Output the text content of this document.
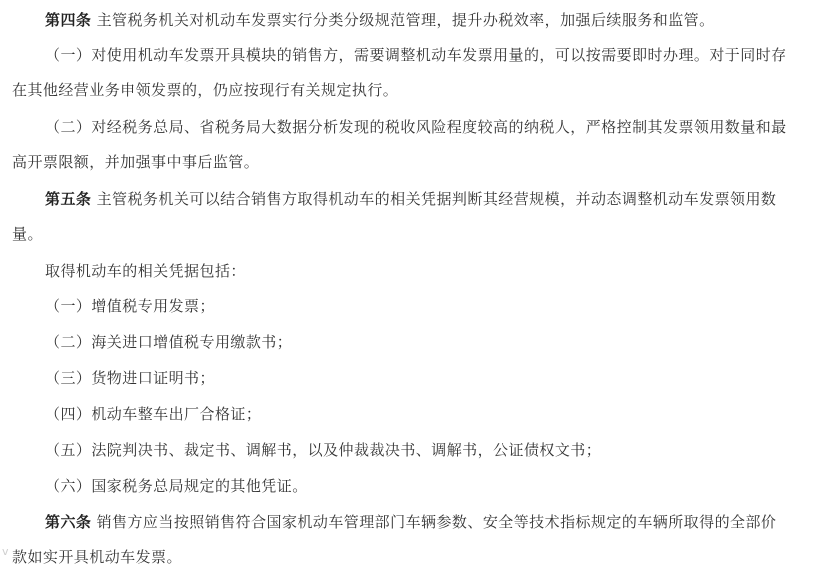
第四条 主管税务机关对机动车发票实行分类分级规范管理，提升办税效率，加强后续服务和监管。
（一）对使用机动车发票开具模块的销售方，需要调整机动车发票用量的，可以按需要即时办理。对于同时存
在其他经营业务申领发票的，仍应按现行有关规定执行。
（二）对经税务总局、省税务局大数据分析发现的税收风险程度较高的纳税人，严格控制其发票领用数量和最
高开票限额，并加强事中事后监管。
第五条 主管税务机关可以结合销售方取得机动车的相关凭据判断其经营规模，并动态调整机动车发票领用数
量。
取得机动车的相关凭据包括：
（一）增值税专用发票；
（二）海关进口增值税专用缴款书；
（三）货物进口证明书；
（四）机动车整车出厂合格证；
（五）法院判决书、裁定书、调解书，以及仲裁裁决书、调解书，公证债权文书；
（六）国家税务总局规定的其他凭证。
第六条 销售方应当按照销售符合国家机动车管理部门车辆参数、安全等技术指标规定的车辆所取得的全部价
款如实开具机动车发票。
v
